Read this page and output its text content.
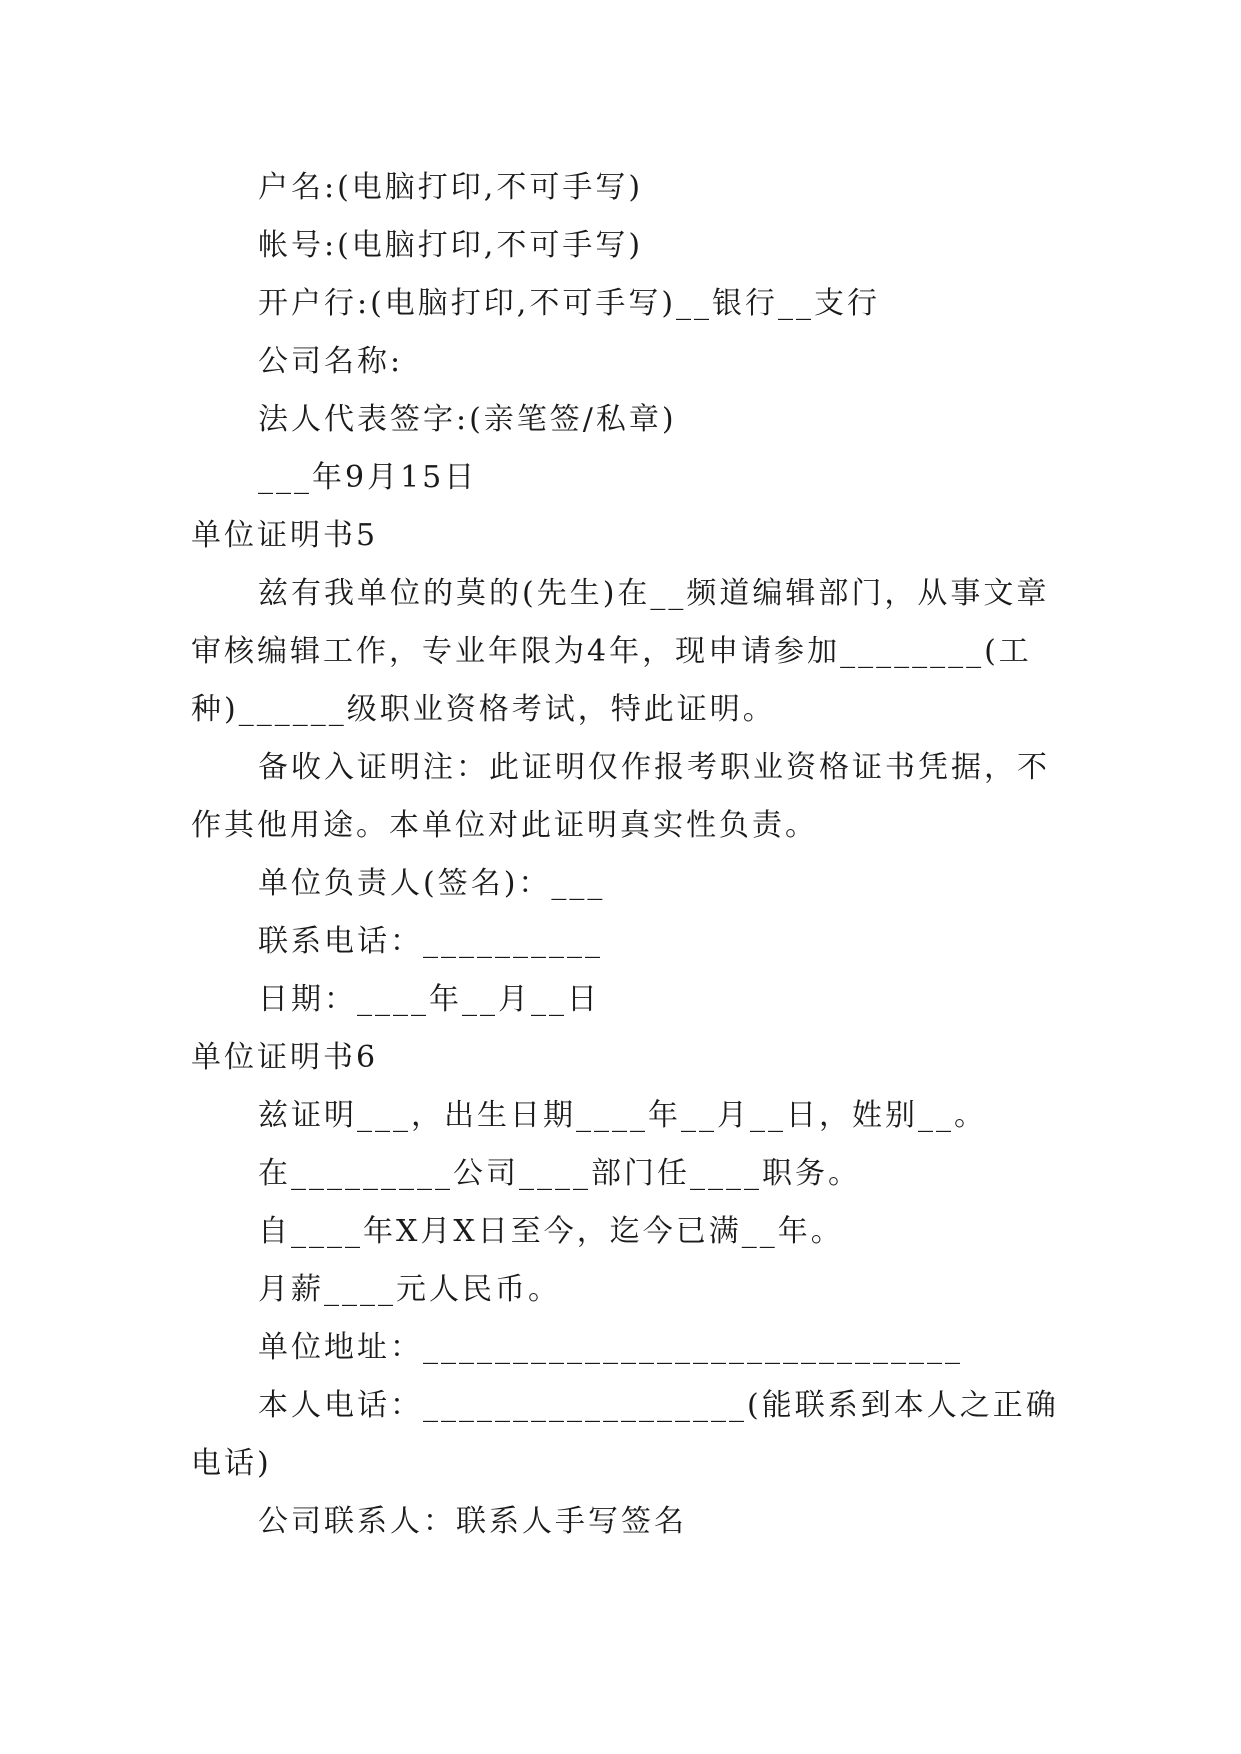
户名:(电脑打印,不可手写)
帐号:(电脑打印,不可手写)
开户行:(电脑打印,不可手写)__银行__支行
公司名称:
法人代表签字:(亲笔签/私章)
___年9月15日
单位证明书5
兹有我单位的莫的(先生)在__频道编辑部门，从事文章
审核编辑工作，专业年限为4年，现申请参加________(工
种)______级职业资格考试，特此证明。
备收入证明注：此证明仅作报考职业资格证书凭据，不
作其他用途。本单位对此证明真实性负责。
单位负责人(签名)：___
联系电话：__________
日期：____年__月__日
单位证明书6
兹证明___，出生日期____年__月__日，姓别__。
在_________公司____部门任____职务。
自____年X月X日至今，迄今已满__年。
月薪____元人民币。
单位地址：______________________________
本人电话：__________________(能联系到本人之正确
电话)
公司联系人：联系人手写签名
